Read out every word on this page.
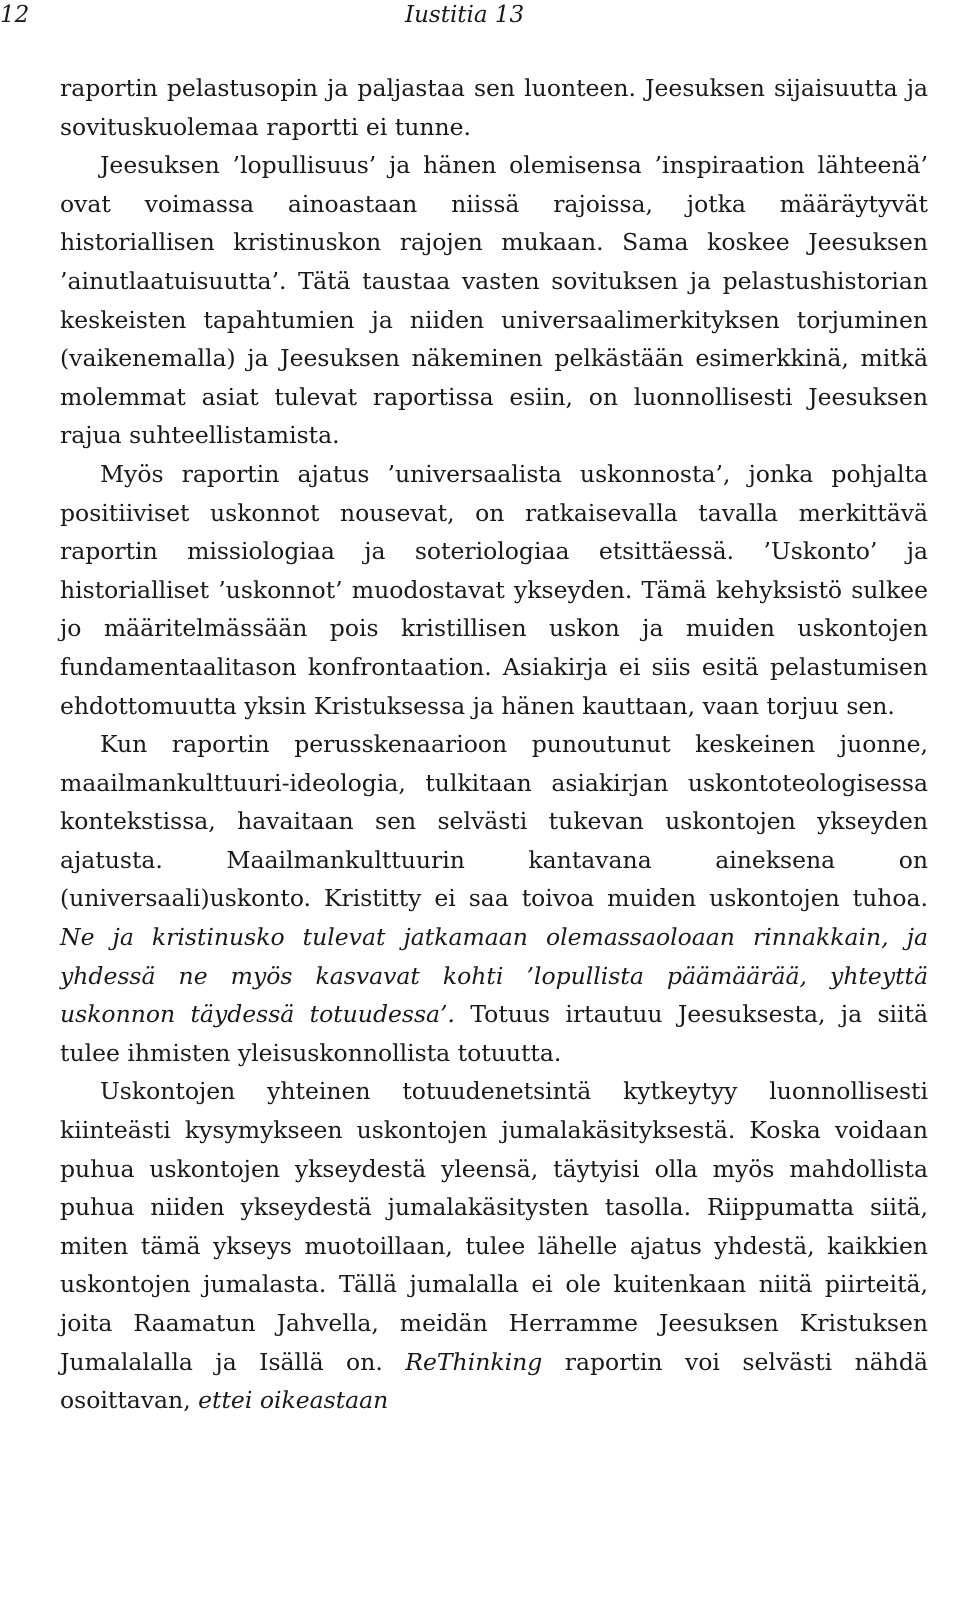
12	Iustitia 13

raportin pelastusopin ja paljastaa sen luonteen. Jeesuksen sijaisuutta ja sovituskuolemaa raportti ei tunne.

Jeesuksen ’lopullisuus’ ja hänen olemisensa ’inspiraation lähteenä’ ovat voimassa ainoastaan niissä rajoissa, jotka määräytyvät historiallisen kristinuskon rajojen mukaan. Sama koskee Jeesuksen ’ainutlaatuisuutta’. Tätä taustaa vasten sovituksen ja pelastushistorian keskeisten tapahtumien ja niiden universaalimerkityksen torjuminen (vaikenemalla) ja Jeesuksen näkeminen pelkästään esimerkkinä, mitkä molemmat asiat tulevat raportissa esiin, on luonnollisesti Jeesuksen rajua suhteellistamista.

Myös raportin ajatus ’universaalista uskonnosta’, jonka pohjalta positiiviset uskonnot nousevat, on ratkaisevalla tavalla merkittävä raportin missiologiaa ja soteriologiaa etsittäessä. ’Uskonto’ ja historialliset ’uskonnot’ muodostavat ykseyden. Tämä kehyksistö sulkee jo määritelmässään pois kristillisen uskon ja muiden uskontojen fundamentaalitason konfrontaation. Asiakirja ei siis esitä pelastumisen ehdottomuutta yksin Kristuksessa ja hänen kauttaan, vaan torjuu sen.

Kun raportin perusskenaarioon punoutunut keskeinen juonne, maailmankulttuuri-ideologia, tulkitaan asiakirjan uskontoteologisessa kontekstissa, havaitaan sen selvästi tukevan uskontojen ykseyden ajatusta. Maailmankulttuurin kantavana aineksena on (universaali)uskonto. Kristitty ei saa toivoa muiden uskontojen tuhoa. Ne ja kristinusko tulevat jatkamaan olemassaoloaan rinnakkain, ja yhdessä ne myös kasvavat kohti ’lopullista päämäärää, yhteyttä uskonnon täydessä totuudessa’. Totuus irtautuu Jeesuksesta, ja siitä tulee ihmisten yleisuskonnollista totuutta.

Uskontojen yhteinen totuudenetsintä kytkeytyy luonnollisesti kiinteästi kysymykseen uskontojen jumalakäsityksestä. Koska voidaan puhua uskontojen ykseydestä yleensä, täytyisi olla myös mahdollista puhua niiden ykseydestä jumalakäsitysten tasolla. Riippumatta siitä, miten tämä ykseys muotoillaan, tulee lähelle ajatus yhdestä, kaikkien uskontojen jumalasta. Tällä jumalalla ei ole kuitenkaan niitä piirteitä, joita Raamatun Jahvella, meidän Herramme Jeesuksen Kristuksen Jumalalalla ja Isällä on. ReThinking raportin voi selvästi nähdä osoittavan, ettei oikeastaan
